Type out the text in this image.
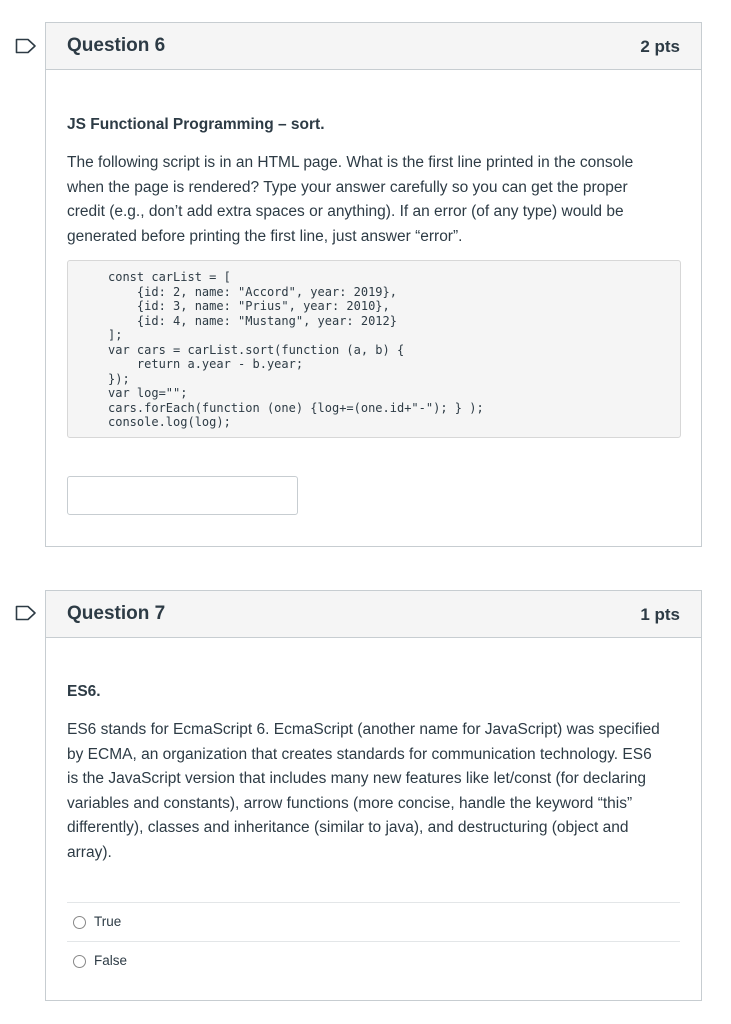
Question 6	2 pts
JS Functional Programming – sort.
The following script is in an HTML page. What is the first line printed in the console
when the page is rendered? Type your answer carefully so you can get the proper
credit (e.g., don’t add extra spaces or anything). If an error (of any type) would be
generated before printing the first line, just answer “error”.
const carList = [
{id: 2, name: "Accord", year: 2019},
{id: 3, name: "Prius", year: 2010},
{id: 4, name: "Mustang", year: 2012}
];
var cars = carList.sort(function (a, b) {
return a.year - b.year;
});
var log="";
cars.forEach(function (one) {log+=(one.id+"-"); } );
console.log(log);
Question 7	1 pts
ES6.
ES6 stands for EcmaScript 6. EcmaScript (another name for JavaScript) was specified
by ECMA, an organization that creates standards for communication technology. ES6
is the JavaScript version that includes many new features like let/const (for declaring
variables and constants), arrow functions (more concise, handle the keyword “this”
differently), classes and inheritance (similar to java), and destructuring (object and
array).
True
False
